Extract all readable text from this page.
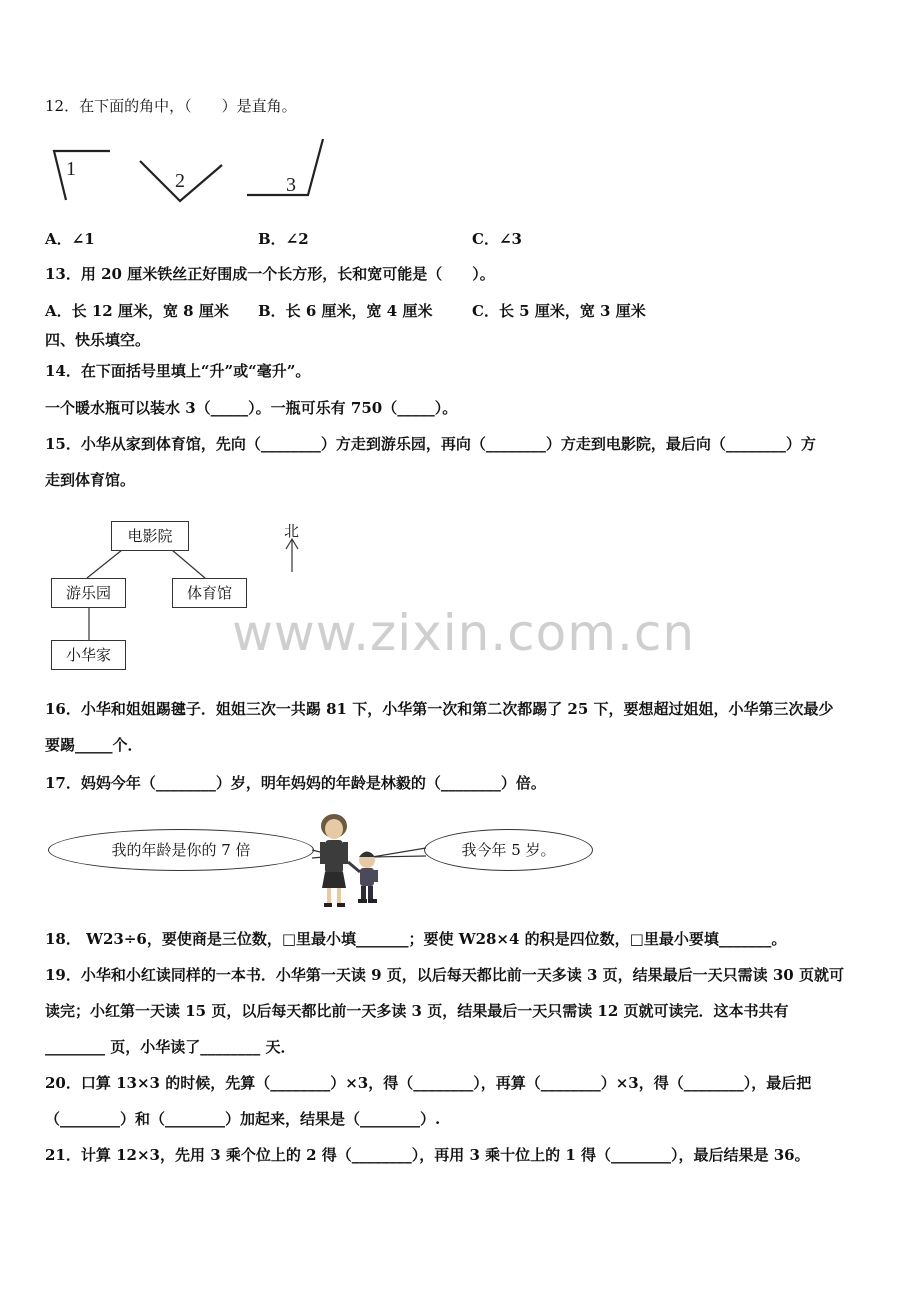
12．在下面的角中，（　　）是直角。
1
2	3
A．∠1	B．∠2	C．∠3
13．用 20 厘米铁丝正好围成一个长方形，长和宽可能是（　　）。
A．长 12 厘米，宽 8 厘米 B．长 6 厘米，宽 4 厘米	C．长 5 厘米，宽 3 厘米
四、快乐填空。
14．在下面括号里填上“升”或“毫升”。
一个暖水瓶可以装水 3（_____）。一瓶可乐有 750（_____）。
15．小华从家到体育馆，先向（________）方走到游乐园，再向（________）方走到电影院，最后向（________）方
走到体育馆。
电影院
游乐园	体育馆
小华家
北
www.zixin.com.cn
16．小华和姐姐踢毽子．姐姐三次一共踢 81 下，小华第一次和第二次都踢了 25 下，要想超过姐姐，小华第三次最少
要踢_____个．
17．妈妈今年（________）岁，明年妈妈的年龄是林毅的（________）倍。
我的年龄是你的 7 倍	我今年 5 岁。
18． W23÷6，要使商是三位数，□里最小填_______；要使 W28×4 的积是四位数，□里最小要填_______。
19．小华和小红读同样的一本书．小华第一天读 9 页，以后每天都比前一天多读 3 页，结果最后一天只需读 30 页就可
读完；小红第一天读 15 页，以后每天都比前一天多读 3 页，结果最后一天只需读 12 页就可读完．这本书共有
________ 页，小华读了________ 天．
20．口算 13×3 的时候，先算（________）×3，得（________），再算（________）×3，得（________），最后把
（________）和（________）加起来，结果是（________）.
21．计算 12×3，先用 3 乘个位上的 2 得（________），再用 3 乘十位上的 1 得（________），最后结果是 36。
